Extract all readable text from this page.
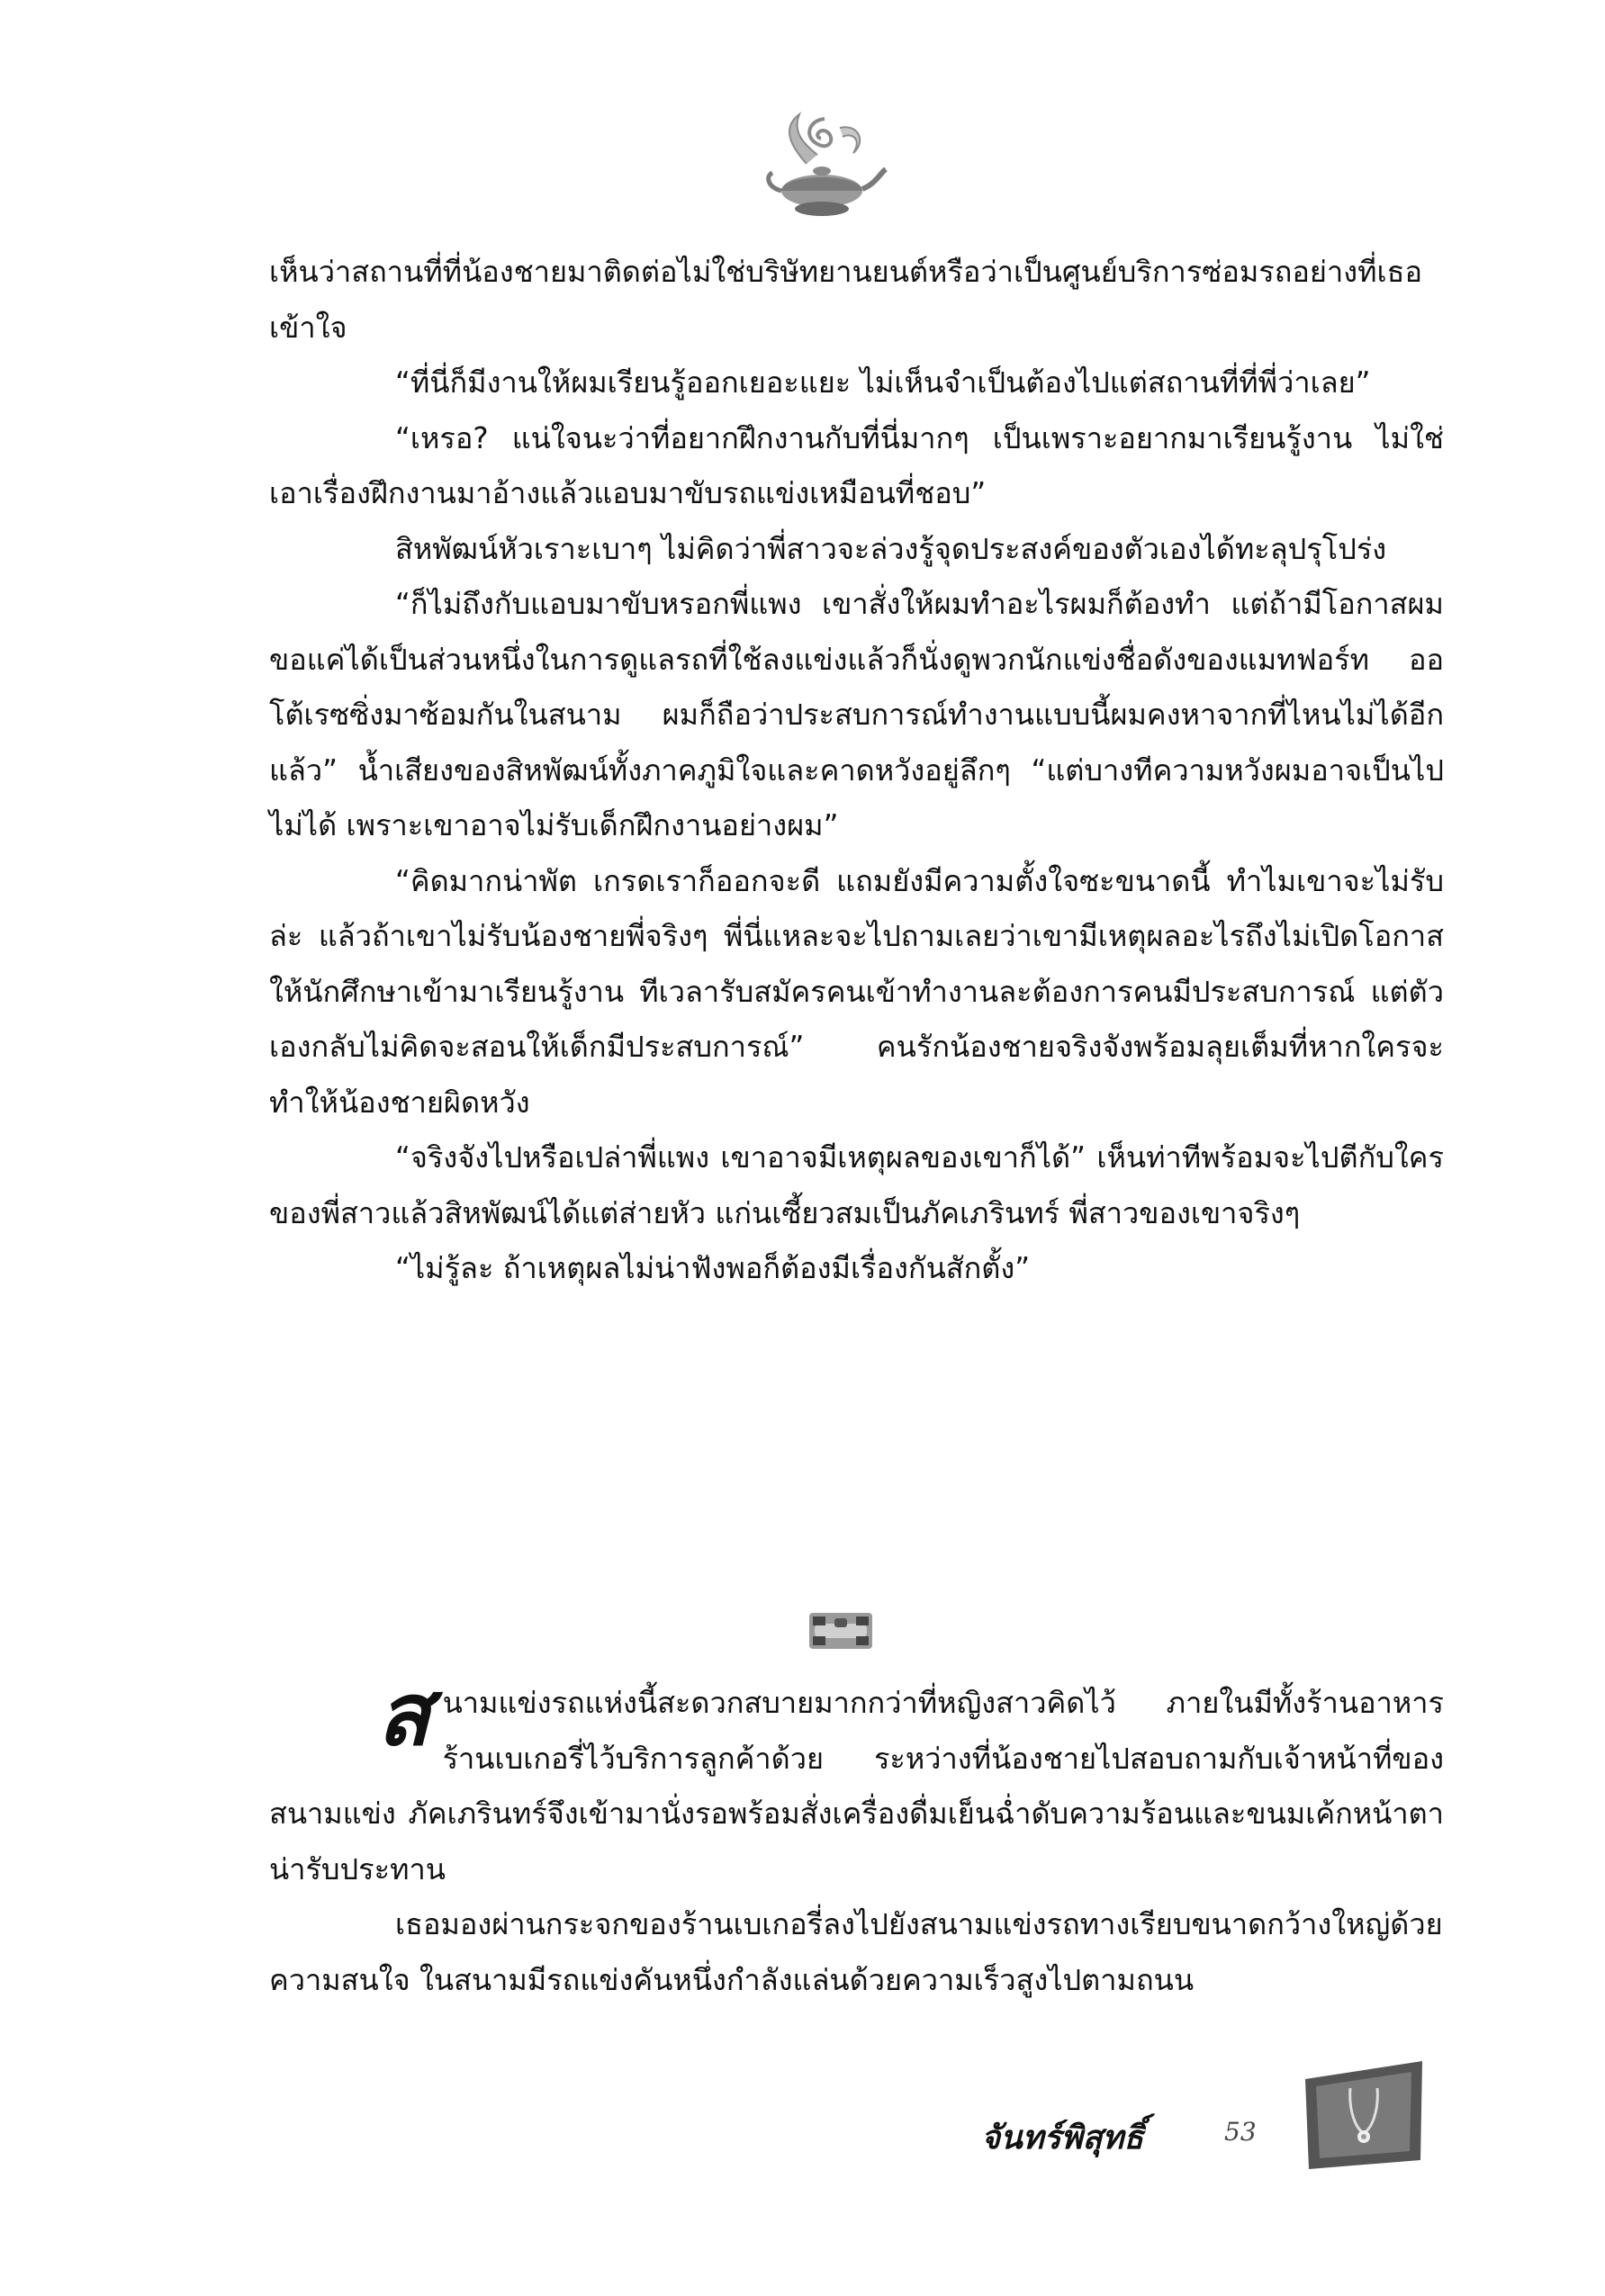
เห็นว่าสถานที่ที่น้องชายมาติดต่อไม่ใช่บริษัทยานยนต์หรือว่าเป็นศูนย์บริการซ่อมรถอย่างที่เธอเข้าใจ

“ที่นี่ก็มีงานให้ผมเรียนรู้ออกเยอะแยะ ไม่เห็นจำเป็นต้องไปแต่สถานที่ที่พี่ว่าเลย”

“เหรอ? แน่ใจนะว่าที่อยากฝึกงานกับที่นี่มากๆ เป็นเพราะอยากมาเรียนรู้งาน ไม่ใช่เอาเรื่องฝึกงานมาอ้างแล้วแอบมาขับรถแข่งเหมือนที่ชอบ”

สิหพัฒน์หัวเราะเบาๆ ไม่คิดว่าพี่สาวจะล่วงรู้จุดประสงค์ของตัวเองได้ทะลุปรุโปร่ง

“ก็ไม่ถึงกับแอบมาขับหรอกพี่แพง เขาสั่งให้ผมทำอะไรผมก็ต้องทำ แต่ถ้ามีโอกาสผมขอแค่ได้เป็นส่วนหนึ่งในการดูแลรถที่ใช้ลงแข่งแล้วก็นั่งดูพวกนักแข่งชื่อดังของแมทฟอร์ท ออโต้เรซซิ่งมาซ้อมกันในสนาม ผมก็ถือว่าประสบการณ์ทำงานแบบนี้ผมคงหาจากที่ไหนไม่ได้อีกแล้ว” น้ำเสียงของสิหพัฒน์ทั้งภาคภูมิใจและคาดหวังอยู่ลึกๆ “แต่บางทีความหวังผมอาจเป็นไปไม่ได้ เพราะเขาอาจไม่รับเด็กฝึกงานอย่างผม”

“คิดมากน่าพัต เกรดเราก็ออกจะดี แถมยังมีความตั้งใจซะขนาดนี้ ทำไมเขาจะไม่รับล่ะ แล้วถ้าเขาไม่รับน้องชายพี่จริงๆ พี่นี่แหละจะไปถามเลยว่าเขามีเหตุผลอะไรถึงไม่เปิดโอกาสให้นักศึกษาเข้ามาเรียนรู้งาน ทีเวลารับสมัครคนเข้าทำงานละต้องการคนมีประสบการณ์ แต่ตัวเองกลับไม่คิดจะสอนให้เด็กมีประสบการณ์” คนรักน้องชายจริงจังพร้อมลุยเต็มที่หากใครจะทำให้น้องชายผิดหวัง

“จริงจังไปหรือเปล่าพี่แพง เขาอาจมีเหตุผลของเขาก็ได้” เห็นท่าทีพร้อมจะไปตีกับใครของพี่สาวแล้วสิหพัฒน์ได้แต่ส่ายหัว แก่นเซี้ยวสมเป็นภัคเภรินทร์ พี่สาวของเขาจริงๆ

“ไม่รู้ละ ถ้าเหตุผลไม่น่าฟังพอก็ต้องมีเรื่องกันสักตั้ง”

สนามแข่งรถแห่งนี้สะดวกสบายมากกว่าที่หญิงสาวคิดไว้ ภายในมีทั้งร้านอาหาร ร้านเบเกอรี่ไว้บริการลูกค้าด้วย ระหว่างที่น้องชายไปสอบถามกับเจ้าหน้าที่ของสนามแข่ง ภัคเภรินทร์จึงเข้ามานั่งรอพร้อมสั่งเครื่องดื่มเย็นฉ่ำดับความร้อนและขนมเค้กหน้าตาน่ารับประทาน

เธอมองผ่านกระจกของร้านเบเกอรี่ลงไปยังสนามแข่งรถทางเรียบขนาดกว้างใหญ่ด้วยความสนใจ ในสนามมีรถแข่งคันหนึ่งกำลังแล่นด้วยความเร็วสูงไปตามถนน

จันทร์พิสุทธิ์	53
